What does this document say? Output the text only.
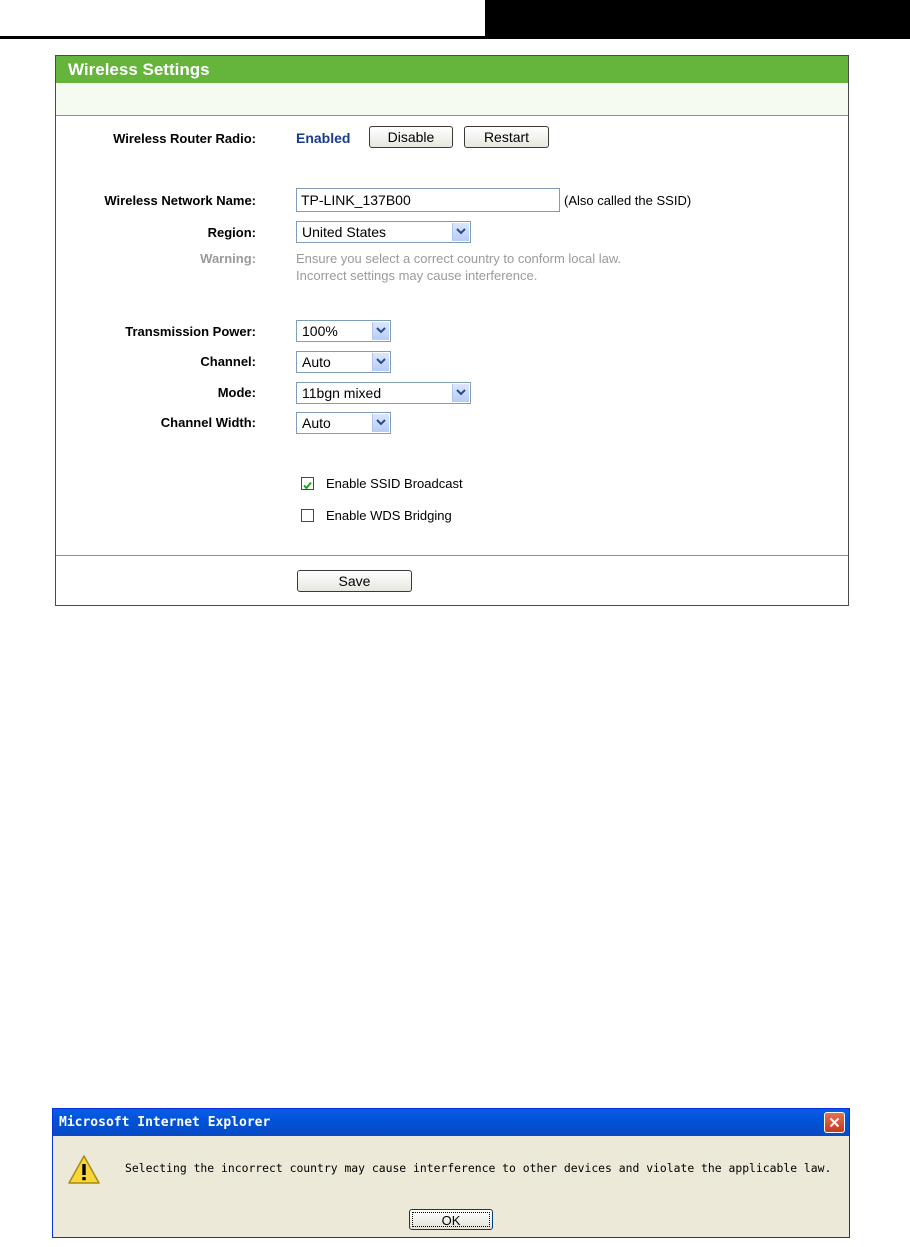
Wireless Settings
Wireless Router Radio:	Enabled	Disable	Restart
Wireless Network Name:
TP-LINK_137B00	(Also called the SSID)
Region:	United States
Warning:	Ensure you select a correct country to conform local law.
Incorrect settings may cause interference.
Transmission Power:	100%
Channel:	Auto
Mode:	11bgn mixed
Channel Width:	Auto
Enable SSID Broadcast
Enable WDS Bridging
Save
Microsoft Internet Explorer
Selecting the incorrect country may cause interference to other devices and violate the applicable law.
OK
